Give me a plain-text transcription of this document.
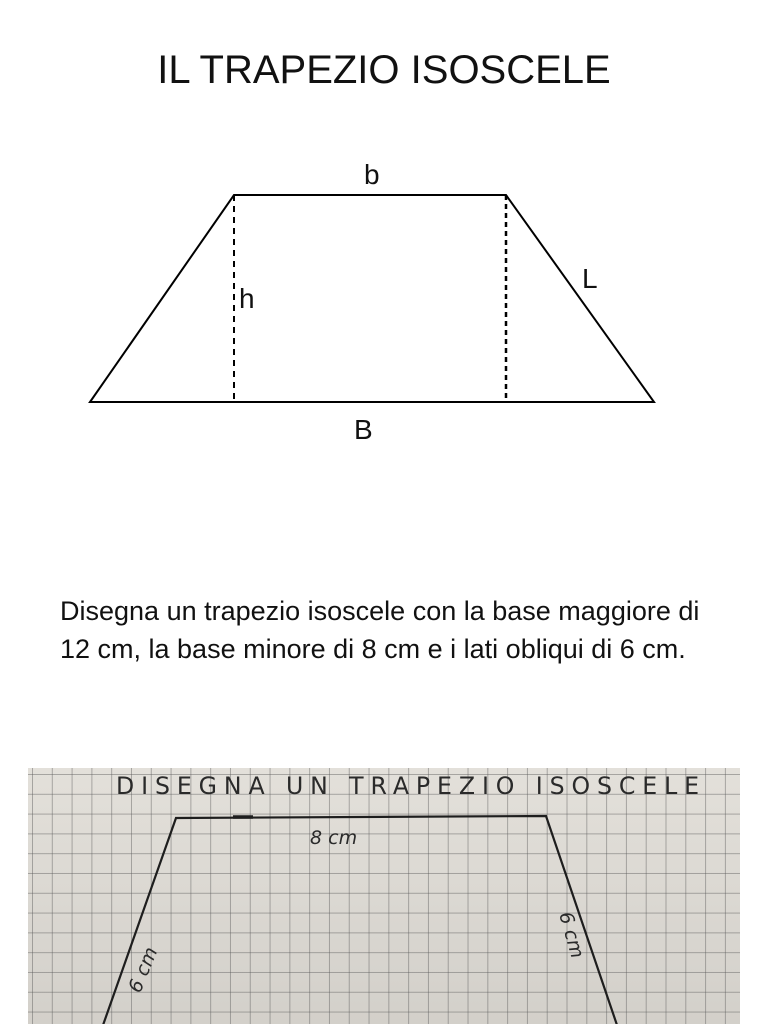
IL TRAPEZIO ISOSCELE
b
h
L
B
Disegna un trapezio isoscele con la base maggiore di 12 cm, la base minore di 8 cm e i lati obliqui di 6 cm.
DISEGNA UN TRAPEZIO ISOSCELE
8 cm
6 cm
6 cm
